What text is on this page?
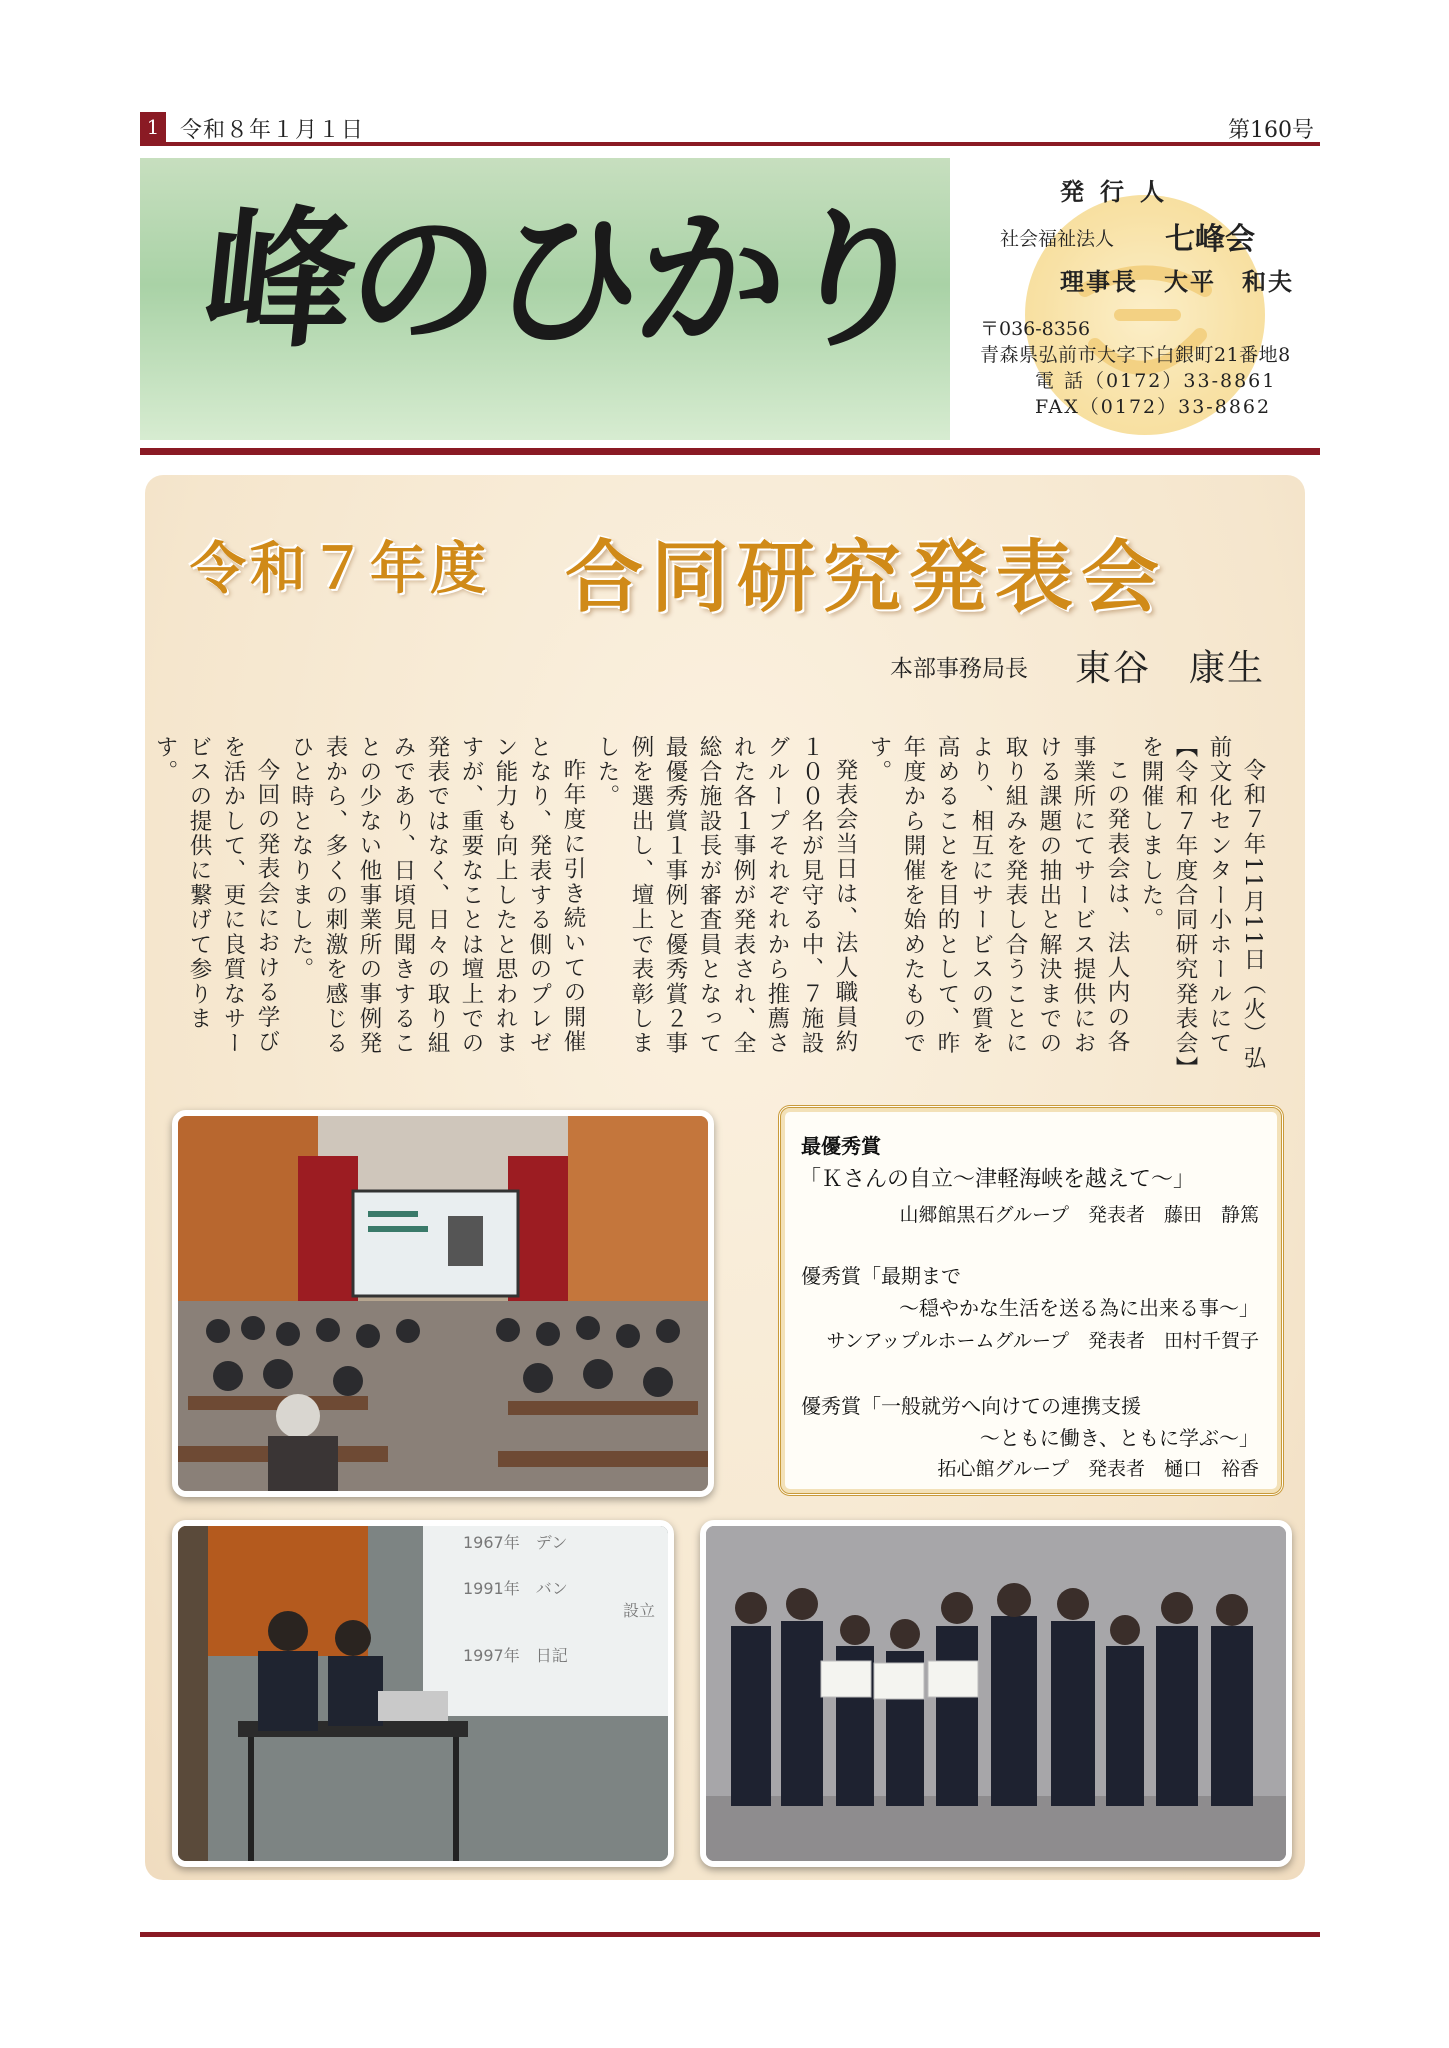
1 令和８年１月１日	第160号
峰のひかり
発行人
社会福祉法人 七峰会
理事長　大平　和夫
〒036-8356
青森県弘前市大字下白銀町21番地8
電 話（0172）33-8861
FAX（0172）33-8862
令和７年度 合同研究発表会
本部事務局長 東谷　康生

令和７年11月11日（火）弘前文化センター小ホールにて【令和７年度合同研究発表会】を開催しました。

この発表会は、法人内の各事業所にてサービス提供における課題の抽出と解決までの取り組みを発表し合うことにより、相互にサービスの質を高めることを目的として、昨年度から開催を始めたものです。

発表会当日は、法人職員約１００名が見守る中、７施設グループそれぞれから推薦された各１事例が発表され、全総合施設長が審査員となって最優秀賞１事例と優秀賞２事例を選出し、壇上で表彰しました。

昨年度に引き続いての開催となり、発表する側のプレゼン能力も向上したと思われますが、重要なことは壇上での発表ではなく、日々の取り組みであり、日頃見聞きすることの少ない他事業所の事例発表から、多くの刺激を感じるひと時となりました。

今回の発表会における学びを活かして、更に良質なサービスの提供に繋げて参ります。

最優秀賞
「Ｋさんの自立～津軽海峡を越えて～」
山郷館黒石グループ　発表者　藤田　静篤
優秀賞「最期まで
～穏やかな生活を送る為に出来る事～」
サンアップルホームグループ　発表者　田村千賀子
優秀賞「一般就労へ向けての連携支援
～ともに働き、ともに学ぶ～」
拓心館グループ　発表者　樋口　裕香
1967年　デン
1991年　バン
設立
1997年　日記
